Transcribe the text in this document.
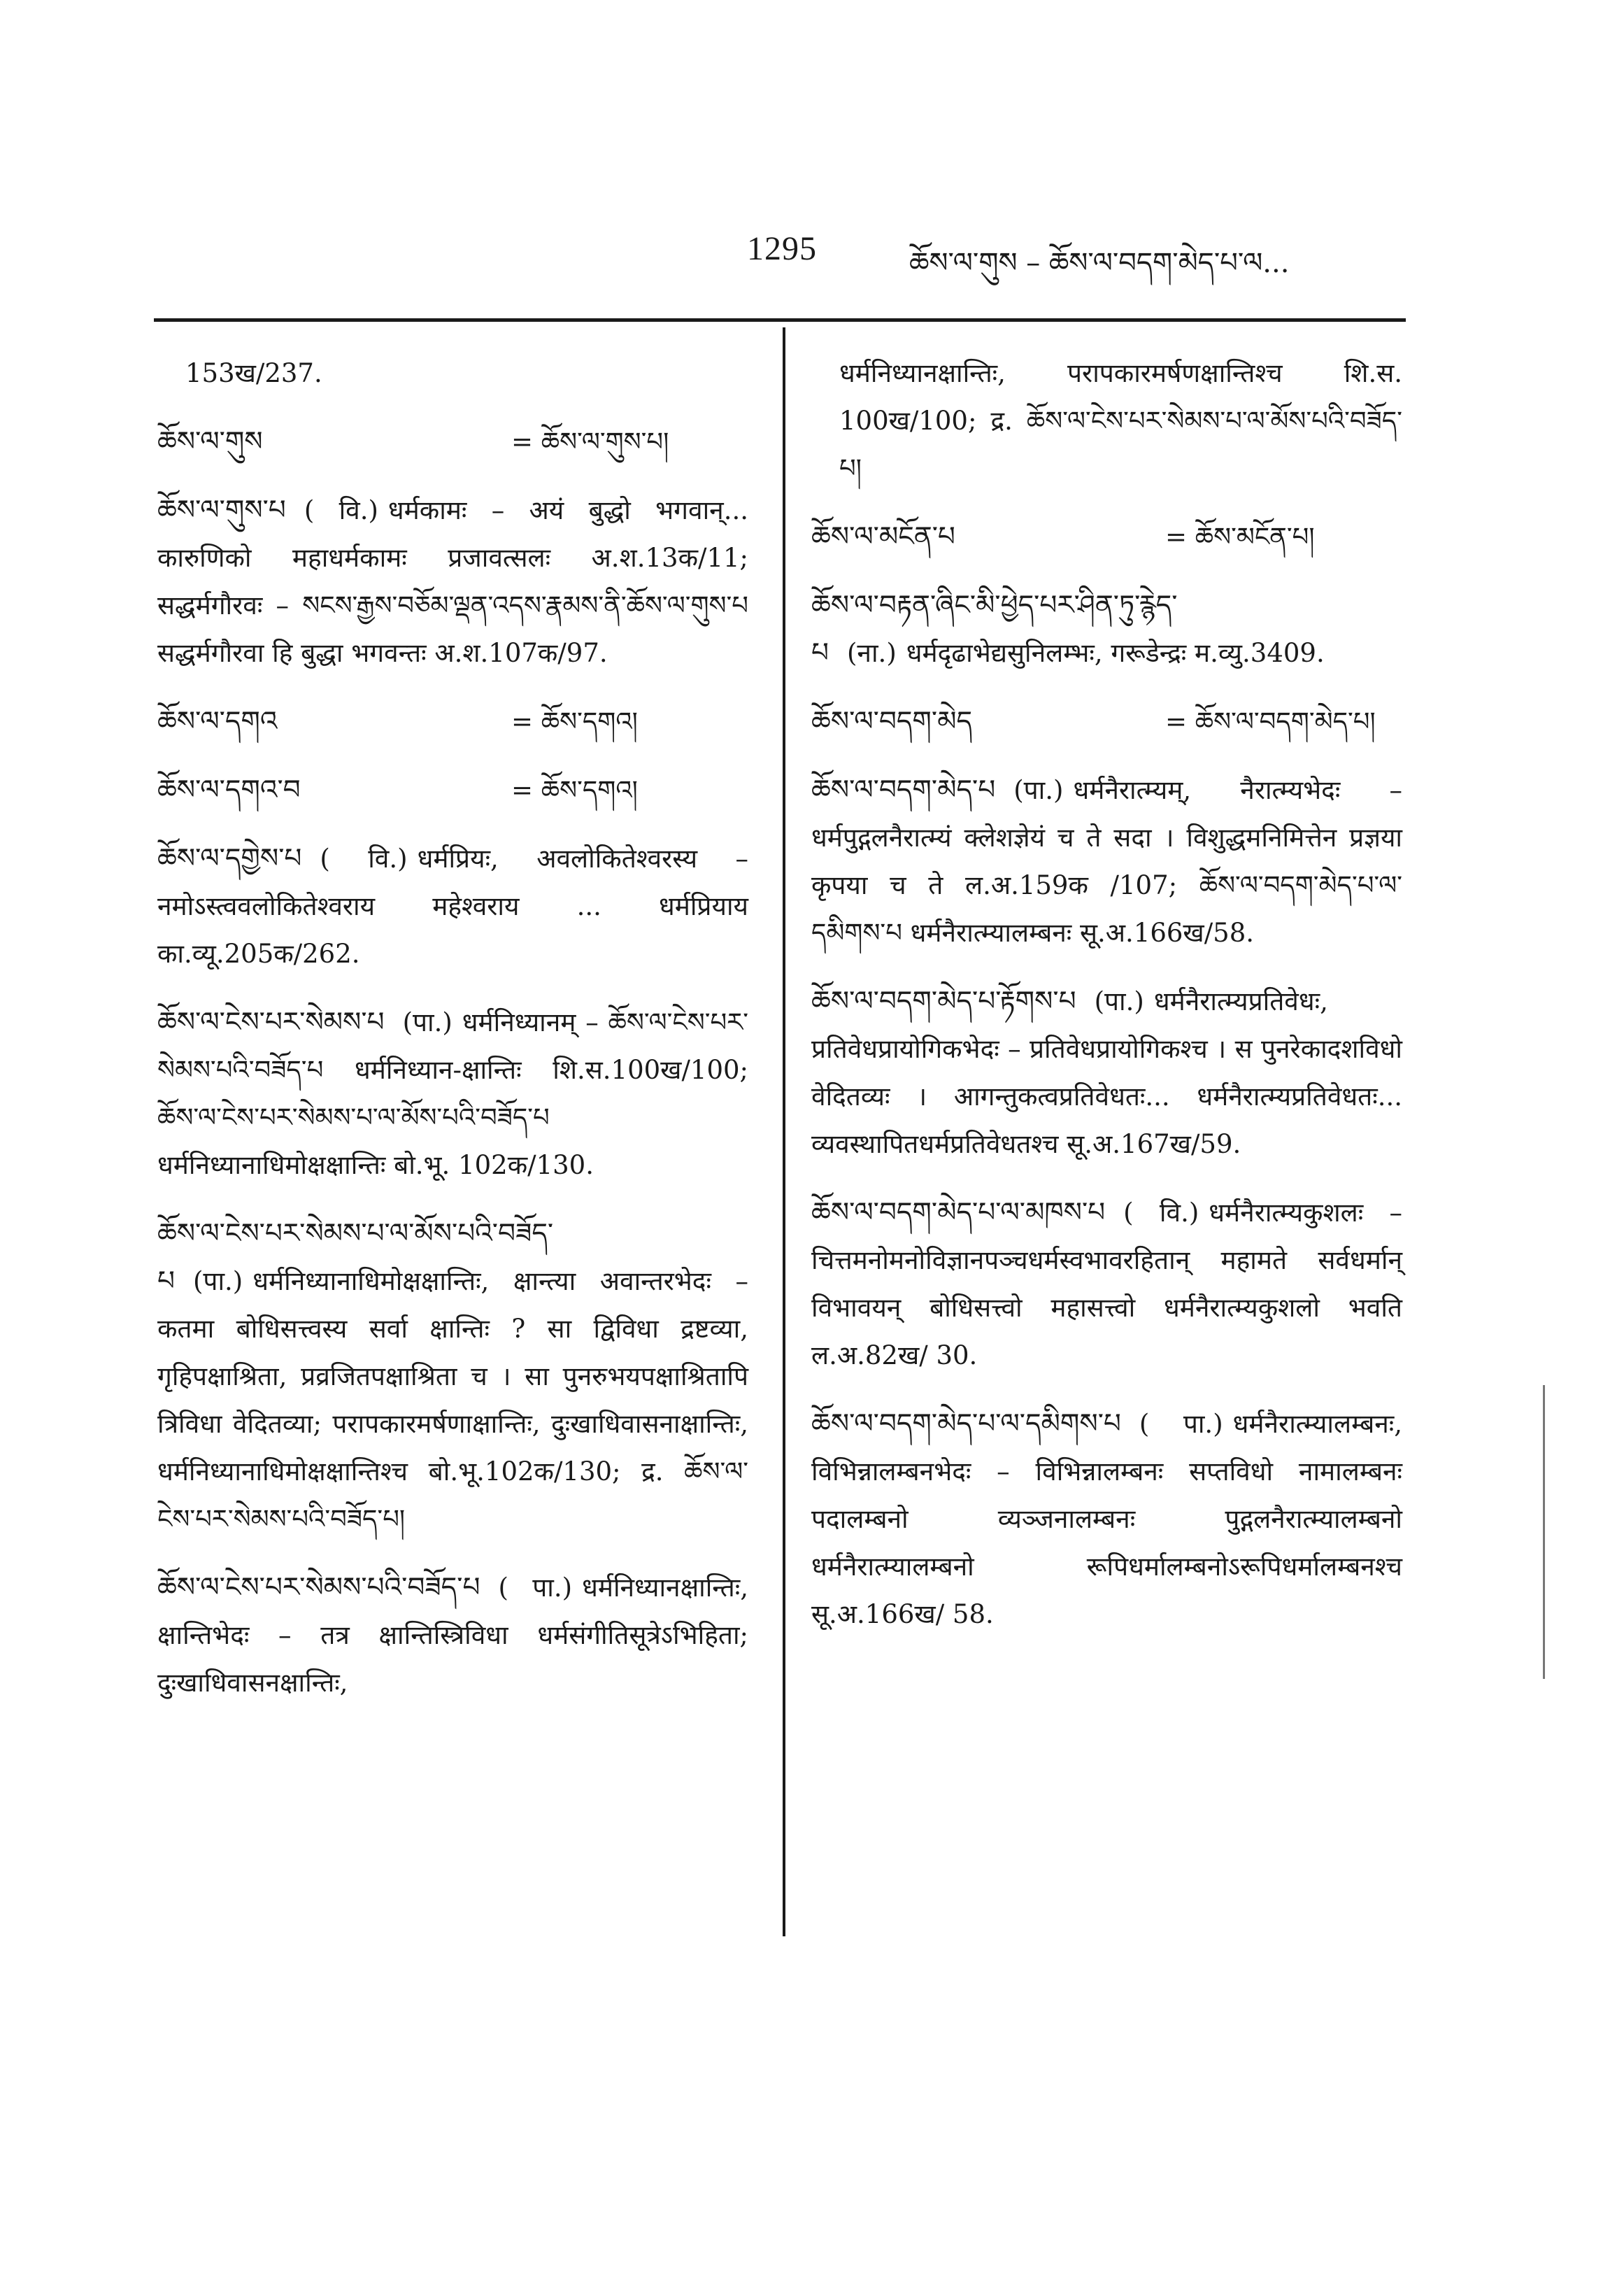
1295	ཆོས་ལ་གུས – ཆོས་ལ་བདག་མེད་པ་ལ...

153ख/237.

ཆོས་ལ་གུས	= ཆོས་ལ་གུས་པ།

ཆོས་ལ་གུས་པ ( वि.) धर्मकामः – अयं बुद्धो भगवान्... कारुणिको महाधर्मकामः प्रजावत्सलः अ.श.13क/11; सद्धर्मगौरवः – སངས་རྒྱས་བཅོམ་ལྡན་འདས་རྣམས་ནི་ཆོས་ལ་གུས་པ सद्धर्मगौरवा हि बुद्धा भगवन्तः अ.श.107क/97.

ཆོས་ལ་དགའ	= ཆོས་དགའ།

ཆོས་ལ་དགའ་བ	= ཆོས་དགའ།

ཆོས་ལ་དགྱེས་པ ( वि.) धर्मप्रियः, अवलोकितेश्वरस्य – नमोऽस्त्ववलोकितेश्वराय महेश्वराय ... धर्मप्रियाय का.व्यू.205क/262.

ཆོས་ལ་ངེས་པར་སེམས་པ (पा.) धर्मनिध्यानम् – ཆོས་ལ་ངེས་པར་སེམས་པའི་བཟོད་པ धर्मनिध्यान-क्षान्तिः शि.स.100ख/100; ཆོས་ལ་ངེས་པར་སེམས་པ་ལ་མོས་པའི་བཟོད་པ धर्मनिध्यानाधिमोक्षक्षान्तिः बो.भू. 102क/130.

ཆོས་ལ་ངེས་པར་སེམས་པ་ལ་མོས་པའི་བཟོད་པ (पा.) धर्मनिध्यानाधिमोक्षक्षान्तिः, क्षान्त्या अवान्तरभेदः – कतमा बोधिसत्त्वस्य सर्वा क्षान्तिः ? सा द्विविधा द्रष्टव्या, गृहिपक्षाश्रिता, प्रव्रजितपक्षाश्रिता च । सा पुनरुभयपक्षाश्रितापि त्रिविधा वेदितव्या; परापकारमर्षणाक्षान्तिः, दुःखाधिवासनाक्षान्तिः, धर्मनिध्यानाधिमोक्षक्षान्तिश्च बो.भू.102क/130; द्र. ཆོས་ལ་ངེས་པར་སེམས་པའི་བཟོད་པ།

ཆོས་ལ་ངེས་པར་སེམས་པའི་བཟོད་པ ( पा.) धर्मनिध्यानक्षान्तिः, क्षान्तिभेदः – तत्र क्षान्तिस्त्रिविधा धर्मसंगीतिसूत्रेऽभिहिता; दुःखाधिवासनक्षान्तिः,

धर्मनिध्यानक्षान्तिः, परापकारमर्षणक्षान्तिश्च शि.स. 100ख/100; द्र. ཆོས་ལ་ངེས་པར་སེམས་པ་ལ་མོས་པའི་བཟོད་པ།

ཆོས་ལ་མངོན་པ	= ཆོས་མངོན་པ།

ཆོས་ལ་བརྟན་ཞིང་མི་ཕྱེད་པར་ཤིན་ཏུ་རྙེད་པ (ना.) धर्मदृढाभेद्यसुनिलम्भः, गरूडेन्द्रः म.व्यु.3409.

ཆོས་ལ་བདག་མེད	= ཆོས་ལ་བདག་མེད་པ།

ཆོས་ལ་བདག་མེད་པ (पा.) धर्मनैरात्म्यम्, नैरात्म्यभेदः – धर्मपुद्गलनैरात्म्यं क्लेशज्ञेयं च ते सदा । विशुद्धमनिमित्तेन प्रज्ञया कृपया च ते ल.अ.159क /107; ཆོས་ལ་བདག་མེད་པ་ལ་དམིགས་པ धर्मनैरात्म्यालम्बनः सू.अ.166ख/58.

ཆོས་ལ་བདག་མེད་པ་རྟོགས་པ (पा.) धर्मनैरात्म्यप्रतिवेधः, प्रतिवेधप्रायोगिकभेदः – प्रतिवेधप्रायोगिकश्च । स पुनरेकादशविधो वेदितव्यः । आगन्तुकत्वप्रतिवेधतः... धर्मनैरात्म्यप्रतिवेधतः... व्यवस्थापितधर्मप्रतिवेधतश्च सू.अ.167ख/59.

ཆོས་ལ་བདག་མེད་པ་ལ་མཁས་པ ( वि.) धर्मनैरात्म्यकुशलः – चित्तमनोमनोविज्ञानपञ्चधर्मस्वभावरहितान् महामते सर्वधर्मान् विभावयन् बोधिसत्त्वो महासत्त्वो धर्मनैरात्म्यकुशलो भवति ल.अ.82ख/ 30.

ཆོས་ལ་བདག་མེད་པ་ལ་དམིགས་པ ( पा.) धर्मनैरात्म्यालम्बनः, विभिन्नालम्बनभेदः – विभिन्नालम्बनः सप्तविधो नामालम्बनः पदालम्बनो व्यञ्जनालम्बनः पुद्गलनैरात्म्यालम्बनो धर्मनैरात्म्यालम्बनो रूपिधर्मालम्बनोऽरूपिधर्मालम्बनश्च सू.अ.166ख/ 58.
